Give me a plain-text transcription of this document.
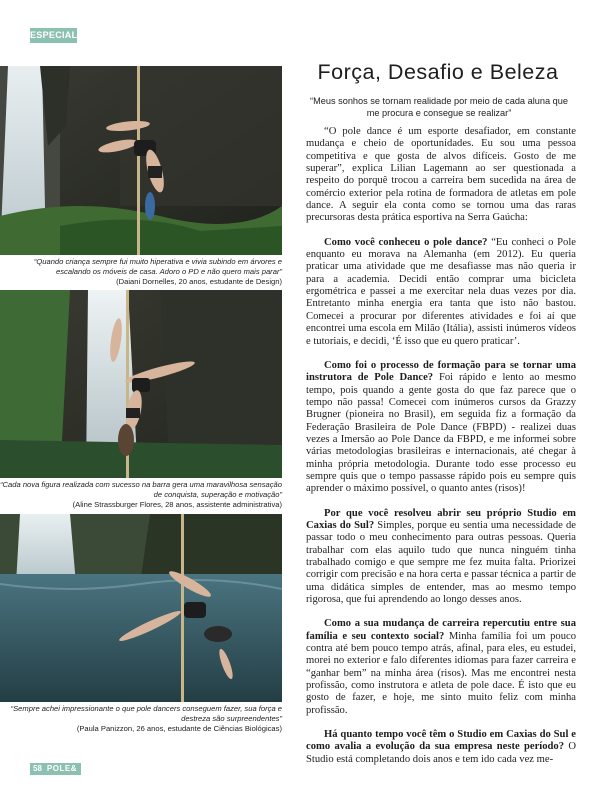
ESPECIAL
“Quando criança sempre fui muito hiperativa e vivia subindo em árvores e escalando os móveis de casa. Adoro o PD e não quero mais parar”
(Daiani Dornelles, 20 anos, estudante de Design)
“Cada nova figura realizada com sucesso na barra gera uma maravilhosa sensação de conquista, superação e motivação”
(Aline Strassburger Flores, 28 anos, assistente administrativa)
“Sempre achei impressionante o que pole dancers conseguem fazer, sua força e destreza são surpreendentes”
(Paula Panizzon, 26 anos, estudante de Ciências Biológicas)
Força, Desafio e Beleza
“Meus sonhos se tornam realidade por meio de cada aluna que me procura e consegue se realizar”

“O pole dance é um esporte desafiador, em constante mudança e cheio de oportunidades. Eu sou uma pessoa competitiva e que gosta de alvos difíceis. Gosto de me superar”, explica Lilian Lagemann ao ser questionada a respeito do porquê trocou a carreira bem sucedida na área de comércio exterior pela rotina de formadora de atletas em pole dance. A seguir ela conta como se tornou uma das raras precursoras desta prática esportiva na Serra Gaúcha:

Como você conheceu o pole dance? “Eu conheci o Pole enquanto eu morava na Alemanha (em 2012). Eu queria praticar uma atividade que me desafiasse mas não queria ir para a academia. Decidi então comprar uma bicicleta ergométrica e passei a me exercitar nela duas vezes por dia. Entretanto minha energia era tanta que isto não bastou. Comecei a procurar por diferentes atividades e foi aí que encontrei uma escola em Milão (Itália), assisti inúmeros vídeos e tutoriais, e decidi, ‘É isso que eu quero praticar’.

Como foi o processo de formação para se tornar uma instrutora de Pole Dance? Foi rápido e lento ao mesmo tempo, pois quando a gente gosta do que faz parece que o tempo não passa! Comecei com inúmeros cursos da Grazzy Brugner (pioneira no Brasil), em seguida fiz a formação da Federação Brasileira de Pole Dance (FBPD) - realizei duas vezes a Imersão ao Pole Dance da FBPD, e me informei sobre várias metodologias brasileiras e internacionais, até chegar à minha própria metodologia. Durante todo esse processo eu sempre quis que o tempo passasse rápido pois eu sempre quis aprender o máximo possível, o quanto antes (risos)!

Por que você resolveu abrir seu próprio Studio em Caxias do Sul? Simples, porque eu sentia uma necessidade de passar todo o meu conhecimento para outras pessoas. Queria trabalhar com elas aquilo tudo que nunca ninguém tinha trabalhado comigo e que sempre me fez muita falta. Priorizei corrigir com precisão e na hora certa e passar técnica a partir de uma didática simples de entender, mas ao mesmo tempo rigorosa, que fui aprendendo ao longo desses anos.

Como a sua mudança de carreira repercutiu entre sua família e seu contexto social? Minha família foi um pouco contra até bem pouco tempo atrás, afinal, para eles, eu estudei, morei no exterior e falo diferentes idiomas para fazer carreira e “ganhar bem” na minha área (risos). Mas me encontrei nesta profissão, como instrutora e atleta de pole dace. É isto que eu gosto de fazer, e hoje, me sinto muito feliz com minha profissão.

Há quanto tempo você têm o Studio em Caxias do Sul e como avalia a evolução da sua empresa neste período? O Studio está completando dois anos e tem ido cada vez me-

58 POLE&
